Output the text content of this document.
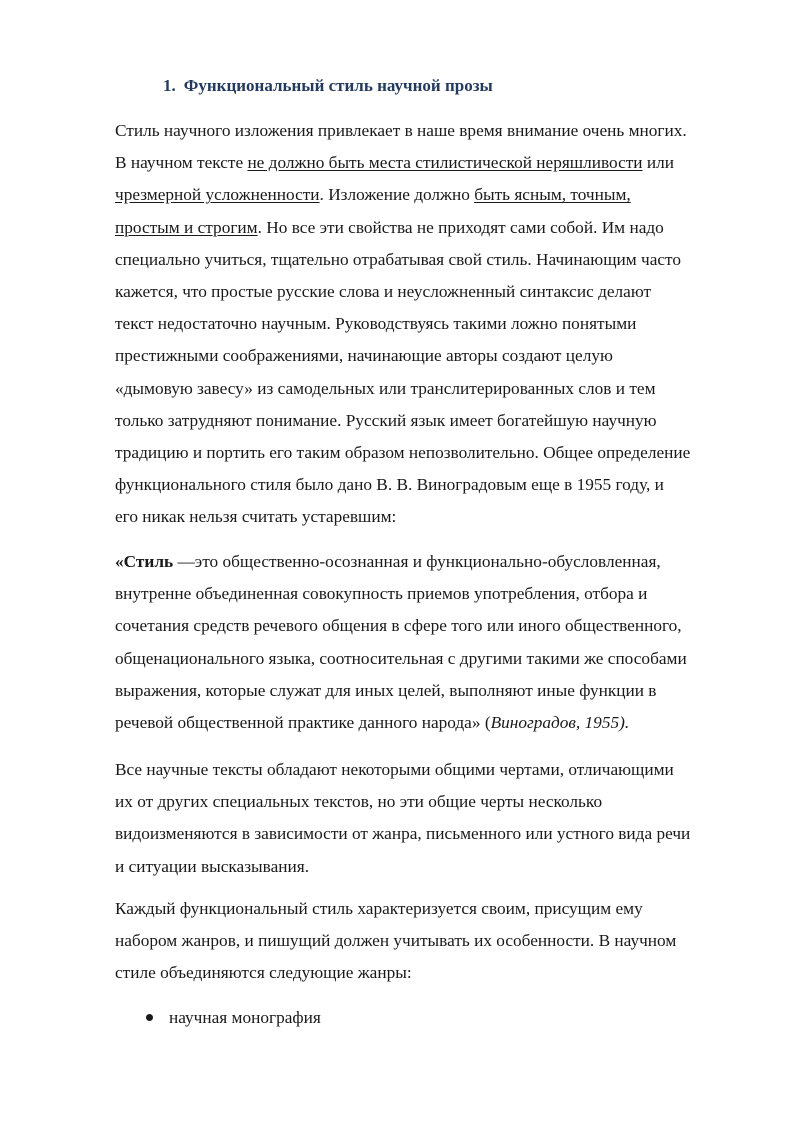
1. Функциональный стиль научной прозы

Стиль научного изложения привлекает в наше время внимание очень многих.
В научном тексте не должно быть места стилистической неряшливости или
чрезмерной усложненности. Изложение должно быть ясным, точным,
простым и строгим. Но все эти свойства не приходят сами собой. Им надо
специально учиться, тщательно отрабатывая свой стиль. Начинающим часто
кажется, что простые русские слова и неусложненный синтаксис делают
текст недостаточно научным. Руководствуясь такими ложно понятыми
престижными соображениями, начинающие авторы создают целую
«дымовую завесу» из самодельных или транслитерированных слов и тем
только затрудняют понимание. Русский язык имеет богатейшую научную
традицию и портить его таким образом непозволительно. Общее определение
функционального стиля было дано В. В. Виноградовым еще в 1955 году, и
его никак нельзя считать устаревшим:

«Стиль —это общественно-осознанная и функционально-обусловленная,
внутренне объединенная совокупность приемов употребления, отбора и
сочетания средств речевого общения в сфере того или иного общественного,
общенационального языка, соотносительная с другими такими же способами
выражения, которые служат для иных целей, выполняют иные функции в
речевой общественной практике данного народа» (Виноградов, 1955).

Все научные тексты обладают некоторыми общими чертами, отличающими
их от других специальных текстов, но эти общие черты несколько
видоизменяются в зависимости от жанра, письменного или устного вида речи
и ситуации высказывания.

Каждый функциональный стиль характеризуется своим, присущим ему
набором жанров, и пишущий должен учитывать их особенности. В научном
стиле объединяются следующие жанры:

научная монография
